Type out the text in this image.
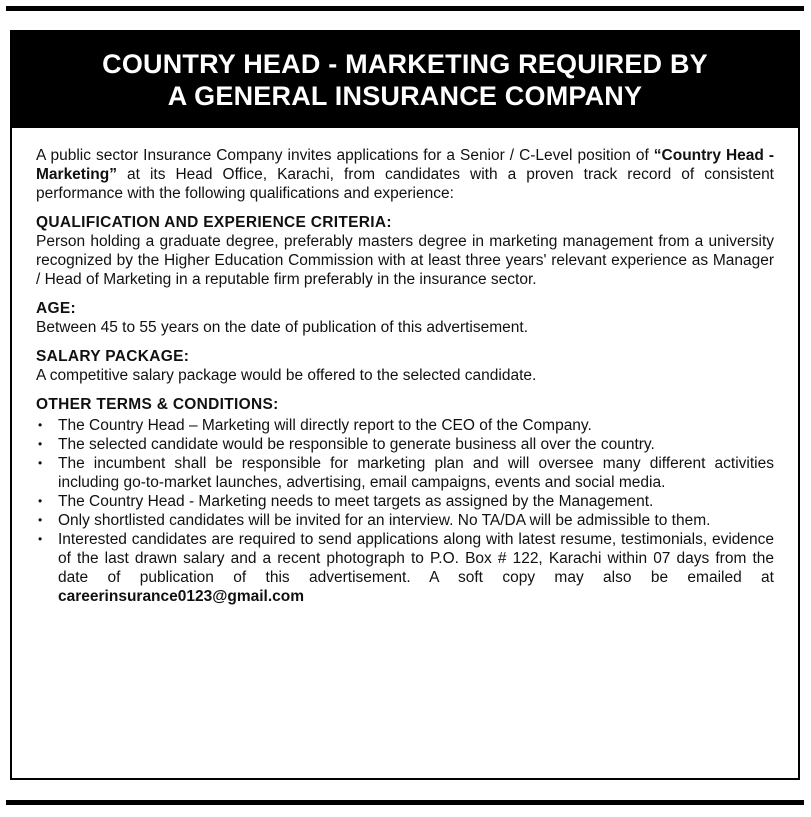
COUNTRY HEAD - MARKETING REQUIRED BY
A GENERAL INSURANCE COMPANY

A public sector Insurance Company invites applications for a Senior / C-Level position of “Country Head - Marketing” at its Head Office, Karachi, from candidates with a proven track record of consistent performance with the following qualifications and experience:

QUALIFICATION AND EXPERIENCE CRITERIA:

Person holding a graduate degree, preferably masters degree in marketing management from a university recognized by the Higher Education Commission with at least three years' relevant experience as Manager / Head of Marketing in a reputable firm preferably in the insurance sector.

AGE:

Between 45 to 55 years on the date of publication of this advertisement.

SALARY PACKAGE:

A competitive salary package would be offered to the selected candidate.

OTHER TERMS & CONDITIONS:
• The Country Head – Marketing will directly report to the CEO of the Company.
• The selected candidate would be responsible to generate business all over the country.
• The incumbent shall be responsible for marketing plan and will oversee many different activities including go-to-market launches, advertising, email campaigns, events and social media.
• The Country Head - Marketing needs to meet targets as assigned by the Management.
• Only shortlisted candidates will be invited for an interview. No TA/DA will be admissible to them.
• Interested candidates are required to send applications along with latest resume, testimonials, evidence of the last drawn salary and a recent photograph to P.O. Box # 122, Karachi within 07 days from the date of publication of this advertisement. A soft copy may also be emailed at careerinsurance0123@gmail.com
